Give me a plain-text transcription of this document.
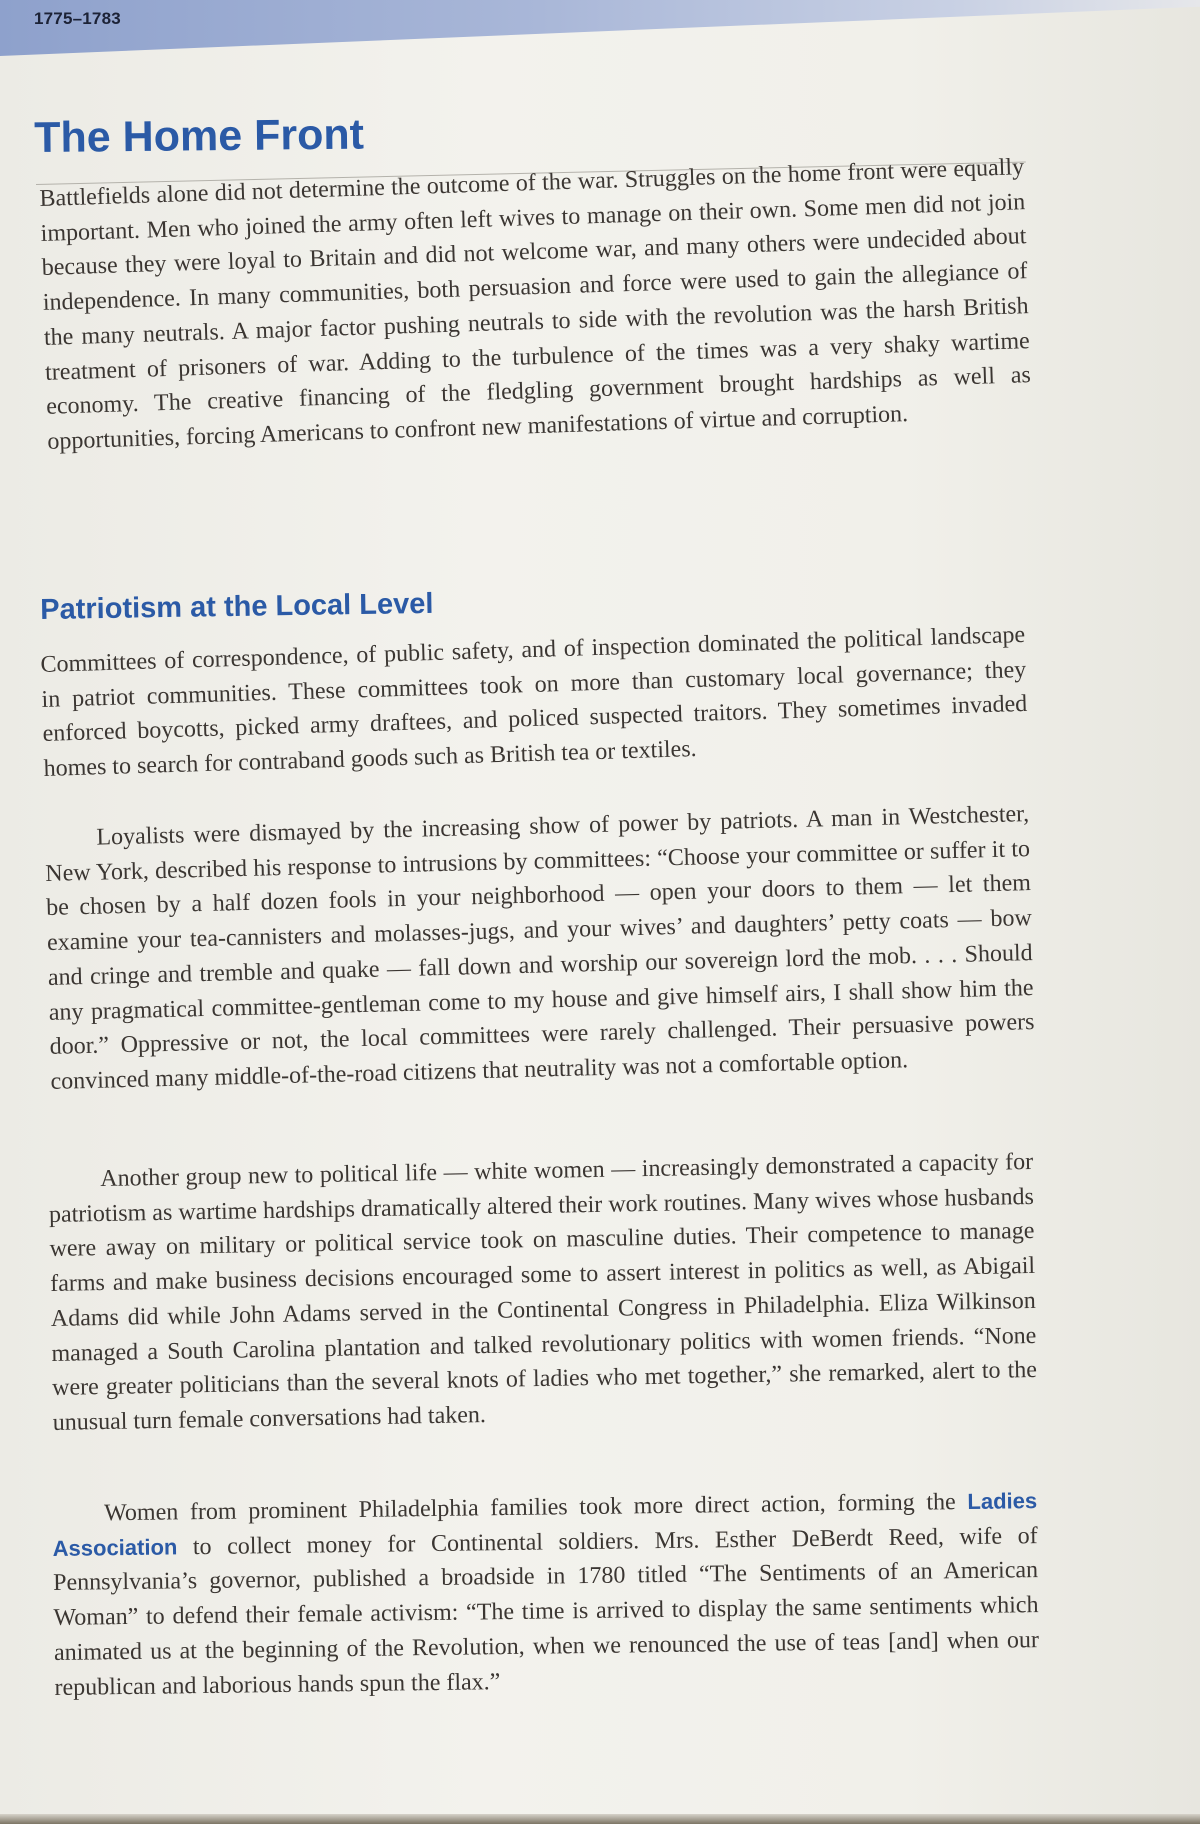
1775–1783
The Home Front

Battlefields alone did not determine the outcome of the war. Struggles on the home front were equally important. Men who joined the army often left wives to manage on their own. Some men did not join because they were loyal to Britain and did not welcome war, and many others were undecided about independence. In many communities, both persuasion and force were used to gain the allegiance of the many neutrals. A major factor pushing neutrals to side with the revolution was the harsh British treatment of prisoners of war. Adding to the turbulence of the times was a very shaky wartime economy. The creative financing of the fledgling government brought hardships as well as opportunities, forcing Americans to confront new manifestations of virtue and corruption.

Patriotism at the Local Level

Committees of correspondence, of public safety, and of inspection dominated the political landscape in patriot communities. These committees took on more than customary local governance; they enforced boycotts, picked army draftees, and policed suspected traitors. They sometimes invaded homes to search for contraband goods such as British tea or textiles.

Loyalists were dismayed by the increasing show of power by patriots. A man in Westchester, New York, described his response to intrusions by committees: “Choose your committee or suffer it to be chosen by a half dozen fools in your neighborhood — open your doors to them — let them examine your tea-cannisters and molasses-jugs, and your wives’ and daughters’ petty coats — bow and cringe and tremble and quake — fall down and worship our sovereign lord the mob. . . . Should any pragmatical committee-gentleman come to my house and give himself airs, I shall show him the door.” Oppressive or not, the local committees were rarely challenged. Their persuasive powers convinced many middle-of-the-road citizens that neutrality was not a comfortable option.

Another group new to political life — white women — increasingly demonstrated a capacity for patriotism as wartime hardships dramatically altered their work routines. Many wives whose husbands were away on military or political service took on masculine duties. Their competence to manage farms and make business decisions encouraged some to assert interest in politics as well, as Abigail Adams did while John Adams served in the Continental Congress in Philadelphia. Eliza Wilkinson managed a South Carolina plantation and talked revolutionary politics with women friends. “None were greater politicians than the several knots of ladies who met together,” she remarked, alert to the unusual turn female conversations had taken.

Women from prominent Philadelphia families took more direct action, forming the Ladies Association to collect money for Continental soldiers. Mrs. Esther DeBerdt Reed, wife of Pennsylvania’s governor, published a broadside in 1780 titled “The Sentiments of an American Woman” to defend their female activism: “The time is arrived to display the same sentiments which animated us at the beginning of the Revolution, when we renounced the use of teas [and] when our republican and laborious hands spun the flax.”
